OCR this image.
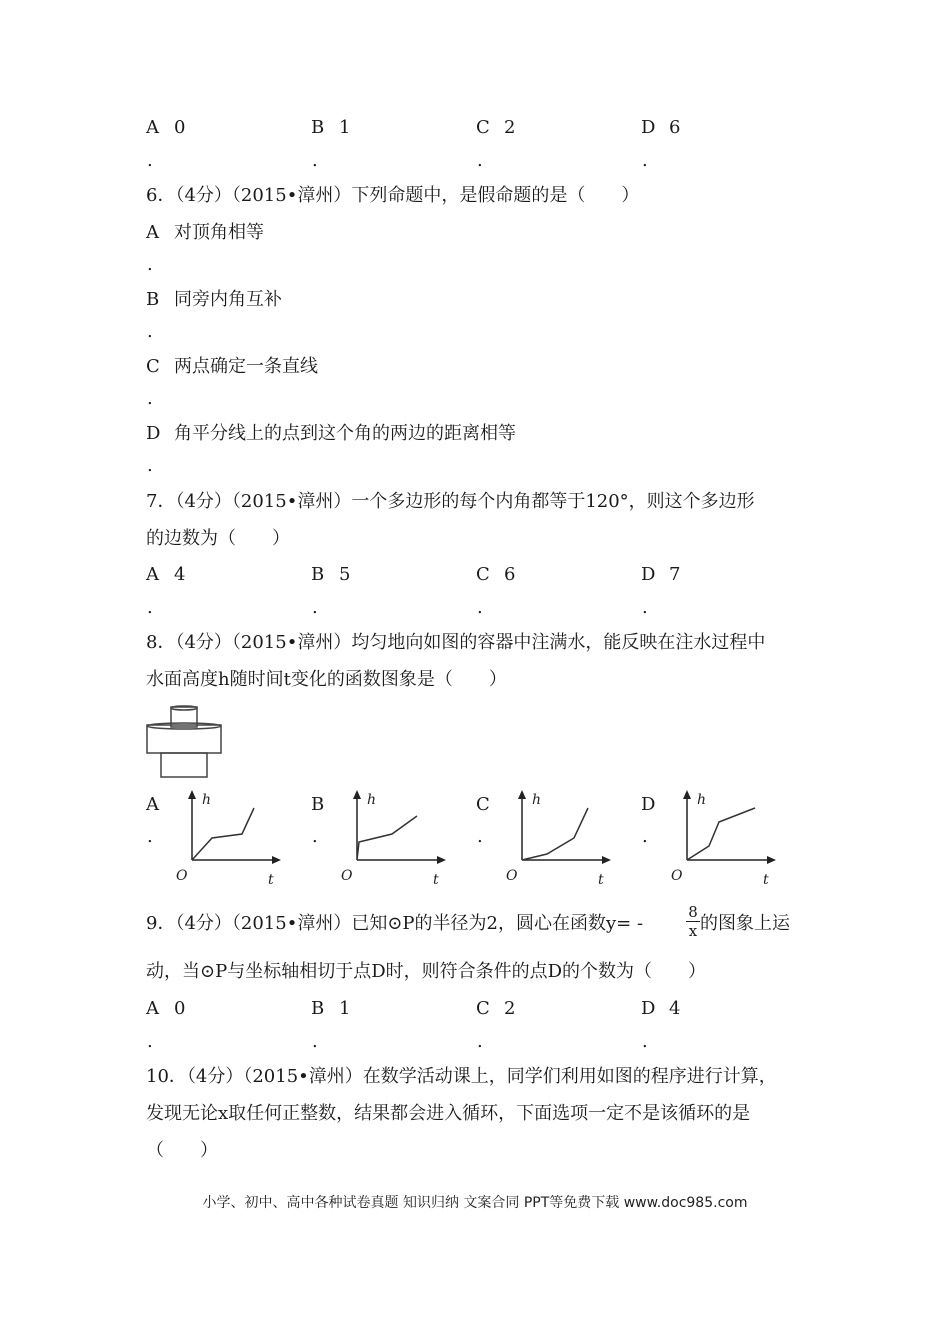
A 0	B 1	C 2	D 6
.	.	.	.
6．（4分）（2015•漳州）下列命题中，是假命题的是（　　）
A 对顶角相等
.
B 同旁内角互补
.
C 两点确定一条直线
.
D 角平分线上的点到这个角的两边的距离相等
.
7．（4分）（2015•漳州）一个多边形的每个内角都等于120°，则这个多边形
的边数为（　　）
A 4	B 5	C 6	D 7
.	.	.	.
8．（4分）（2015•漳州）均匀地向如图的容器中注满水，能反映在注水过程中
水面高度h随时间t变化的函数图象是（　　）
A
.
B
.
C
.
D
.
h
t
O
h
t
O
h
t
O
h
t
O
9．（4分）（2015•漳州）已知⊙P的半径为2，圆心在函数y= -
8
x 的图象上运
动，当⊙P与坐标轴相切于点D时，则符合条件的点D的个数为（　　）
A 0	B 1	C 2	D 4
.	.	.	.
10．（4分）（2015•漳州）在数学活动课上，同学们利用如图的程序进行计算，
发现无论x取任何正整数，结果都会进入循环，下面选项一定不是该循环的是
（　　）
小学、初中、高中各种试卷真题 知识归纳 文案合同 PPT等免费下载 www.doc985.com
